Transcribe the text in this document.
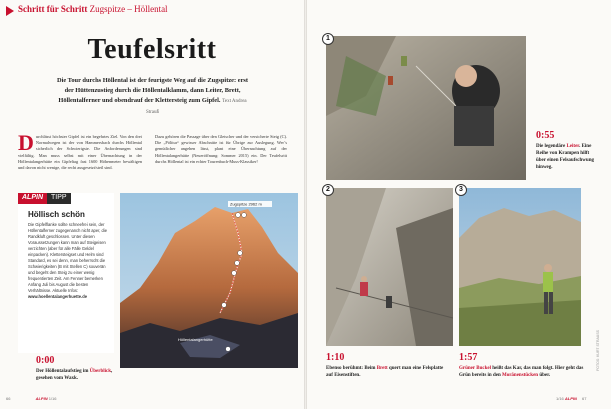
Schritt für Schritt Zugspitze – Höllental
Teufelsritt
Die Tour durchs Höllental ist der feurigste Weg auf die Zugspitze: erst der Hüttenzustieg durch die Höllentalklamm, dann Leiter, Brett, Höllentalferner und obendrauf der Klettersteig zum Gipfel. Text Andrea Strauß
Durchlässt höchster Gipfel ist ein begehrtes Ziel. Von den drei Normalwegen ist der von Hammersbach durchs Höllental sicherlich der Schwierigste. Die Anforderungen sind vielfältig. Man muss selbst mit einer Übernachtung in der Höllentalangerhütte ein Gipfeltag fast 1600 Höhenmeter bewältigen und davon nicht wenige, die recht ausgesetzt/steil sind.
Dazu gehören die Passage über den Gletscher und der versicherte Steig (C). Die „Pölitur“ gewisser Abschnitte ist für Übrige zur Auslegung. Wer’s gemütlicher angehen lässt, plant eine Übernachtung auf der Höllentalangerhütte (Neueröffnung: Sommer 2015) ein. Der Teufelsritt durchs Höllental ist ein echter Tourenbuch-Muss-Klassiker!
ALPIN	TIPP
Höllisch schön
Die Gipfelflanke sollte schneefrei sein, der Höllentalferner zugegenanch nicht aper, die Randkluft geschlossen. Unter diesen Voraussetzungen kann man auf Steigeisen verzichten (aber für alle Fälle Geldel einpacken). Klettersteigset und Helm sind Standard, es sei denn, man beherrscht die Schwierigkeiten (B mit Stellen C) souverän und begeht den Steig zu einer wenig frequentierten Zeit. Am Fenner bemerken Anfang Juli bis August die besten Verhältnisse. Aktuelle Infos: www.hoellentalangerhuette.de
Zugspitze 2962 m
Höllentalangerhütte
0:00
Der Höllentalaufstieg im Überblick, gesehen vom Waxk.
1
0:55
Die legendäre Leiter. Eine Reihe von Krampen hilft über einen Felsaufschwung hinweg.
2	3
1:10
Ebenso berühmt: Beim Brett quert man eine Felsplatte auf Eisenstiften.
1:57
Grüner Buckel heißt das Kar, das man folgt. Hier geht das Grün bereits in den Moränenstücken über.
66	ALPIN 1/16	1/16 ALPIN 67
FOTOS: KURT STRAUSS
